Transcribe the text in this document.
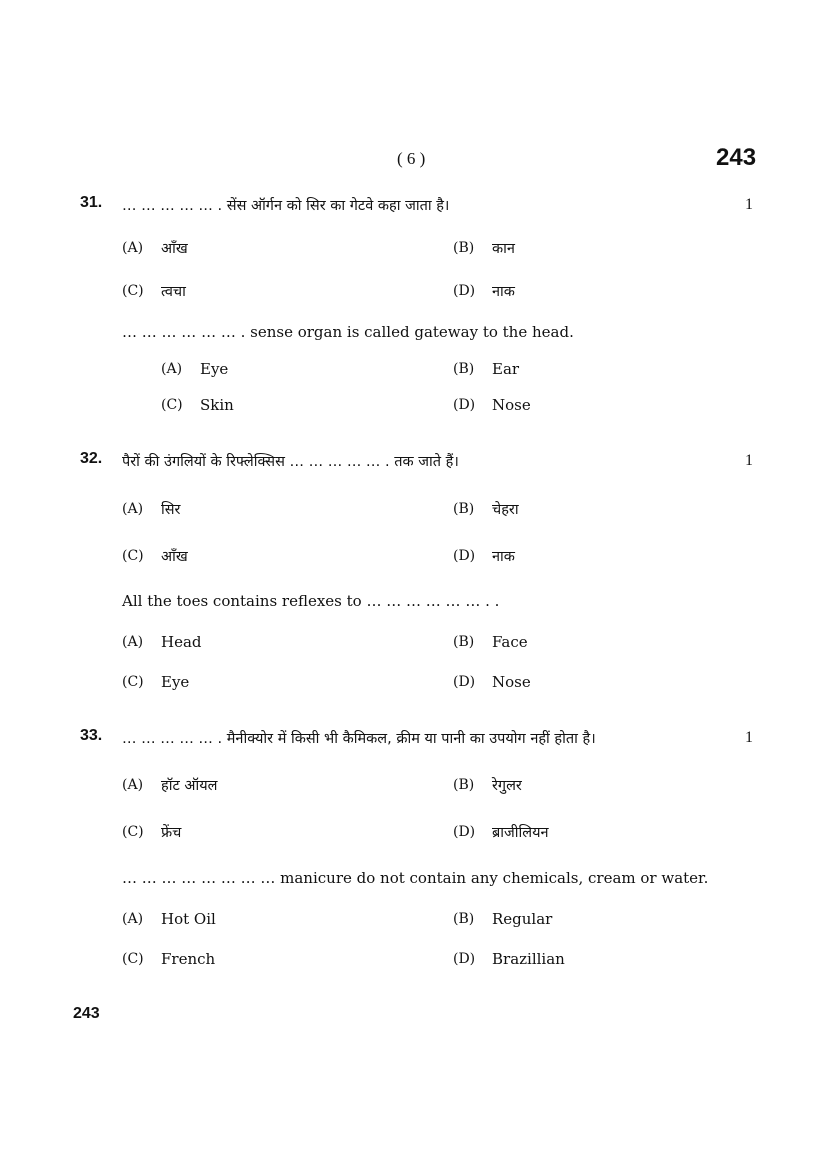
( 6 )	243
31. … … … … … . सेंस ऑर्गन को सिर का गेटवे कहा जाता है।	1
(A) आँख	(B) कान
(C) त्वचा	(D) नाक
… … … … … … . sense organ is called gateway to the head.
(A) Eye	(B) Ear
(C) Skin	(D) Nose
32. पैरों की उंगलियों के रिफ्लेक्सिस … … … … … . तक जाते हैं।	1
(A) सिर	(B) चेहरा
(C) आँख	(D) नाक
All the toes contains reflexes to … … … … … … . .
(A) Head	(B) Face
(C) Eye	(D) Nose
33. … … … … … . मैनीक्योर में किसी भी कैमिकल, क्रीम या पानी का उपयोग नहीं होता है।	1
(A) हॉट ऑयल	(B) रेगुलर
(C) फ्रेंच	(D) ब्राजीलियन
… … … … … … … … manicure do not contain any chemicals, cream or water.
(A) Hot Oil	(B) Regular
(C) French	(D) Brazillian
243
